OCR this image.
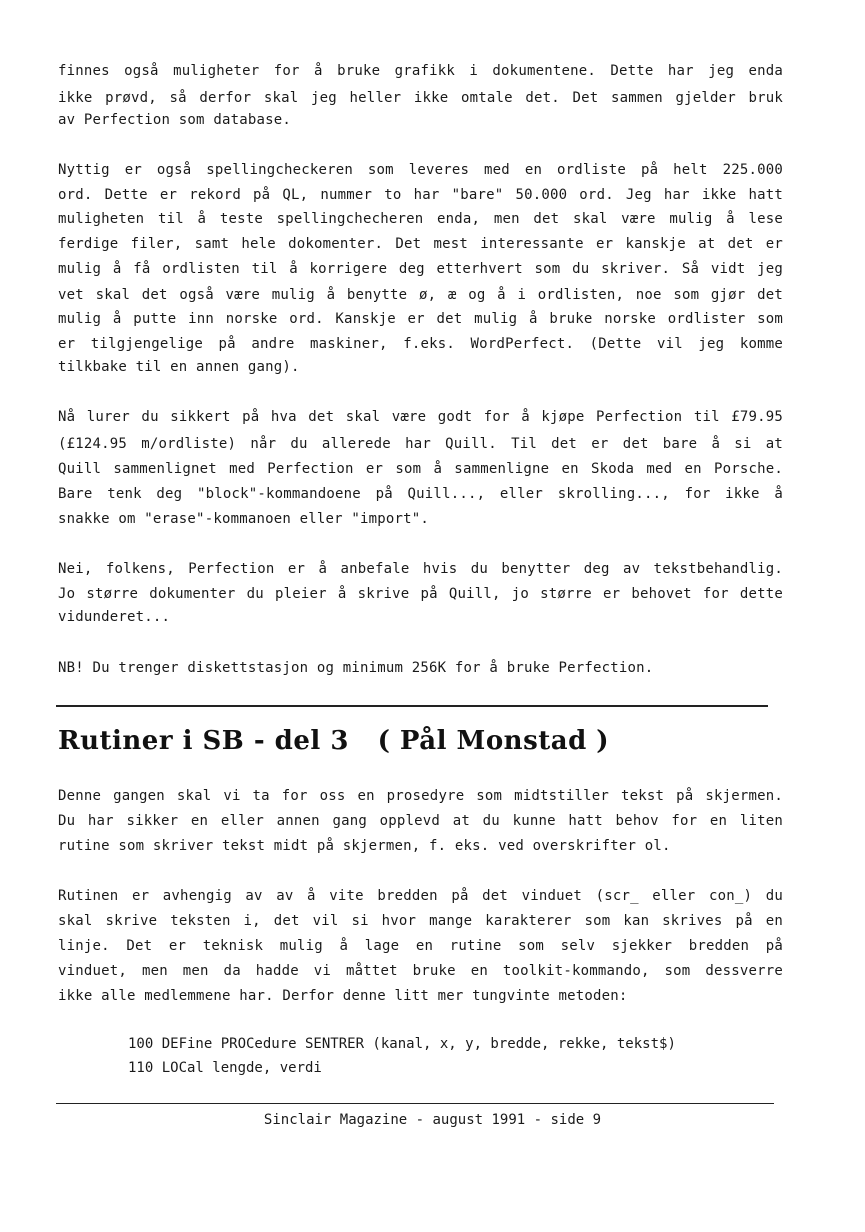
finnes også muligheter for å bruke grafikk i dokumentene. Dette har jeg enda
ikke prøvd, så derfor skal jeg heller ikke omtale det. Det sammen gjelder bruk
av Perfection som database.
Nyttig er også spellingcheckeren som leveres med en ordliste på helt 225.000
ord. Dette er rekord på QL, nummer to har "bare" 50.000 ord. Jeg har ikke hatt
muligheten til å teste spellingchecheren enda, men det skal være mulig å lese
ferdige filer, samt hele dokomenter. Det mest interessante er kanskje at det er
mulig å få ordlisten til å korrigere deg etterhvert som du skriver. Så vidt jeg
vet skal det også være mulig å benytte ø, æ og å i ordlisten, noe som gjør det
mulig å putte inn norske ord. Kanskje er det mulig å bruke norske ordlister som
er tilgjengelige på andre maskiner, f.eks. WordPerfect. (Dette vil jeg komme
tilkbake til en annen gang).
Nå lurer du sikkert på hva det skal være godt for å kjøpe Perfection til £79.95
(£124.95 m/ordliste) når du allerede har Quill. Til det er det bare å si at
Quill sammenlignet med Perfection er som å sammenligne en Skoda med en Porsche.
Bare tenk deg "block"-kommandoene på Quill..., eller skrolling..., for ikke å
snakke om "erase"-kommanoen eller "import".
Nei, folkens, Perfection er å anbefale hvis du benytter deg av tekstbehandlig.
Jo større dokumenter du pleier å skrive på Quill, jo større er behovet for dette
vidunderet...
NB! Du trenger diskettstasjon og minimum 256K for å bruke Perfection.
Rutiner i SB - del 3   ( Pål Monstad )
Denne gangen skal vi ta for oss en prosedyre som midtstiller tekst på skjermen.
Du har sikker en eller annen gang opplevd at du kunne hatt behov for en liten
rutine som skriver tekst midt på skjermen, f. eks. ved overskrifter ol.
Rutinen er avhengig av av å vite bredden på det vinduet (scr_ eller con_) du
skal skrive teksten i, det vil si hvor mange karakterer som kan skrives på en
linje. Det er teknisk mulig å lage en rutine som selv sjekker bredden på
vinduet, men men da hadde vi måttet bruke en toolkit-kommando, som dessverre
ikke alle medlemmene har. Derfor denne litt mer tungvinte metoden:
100 DEFine PROCedure SENTRER (kanal, x, y, bredde, rekke, tekst$)
110 LOCal lengde, verdi
Sinclair Magazine - august 1991 - side 9
